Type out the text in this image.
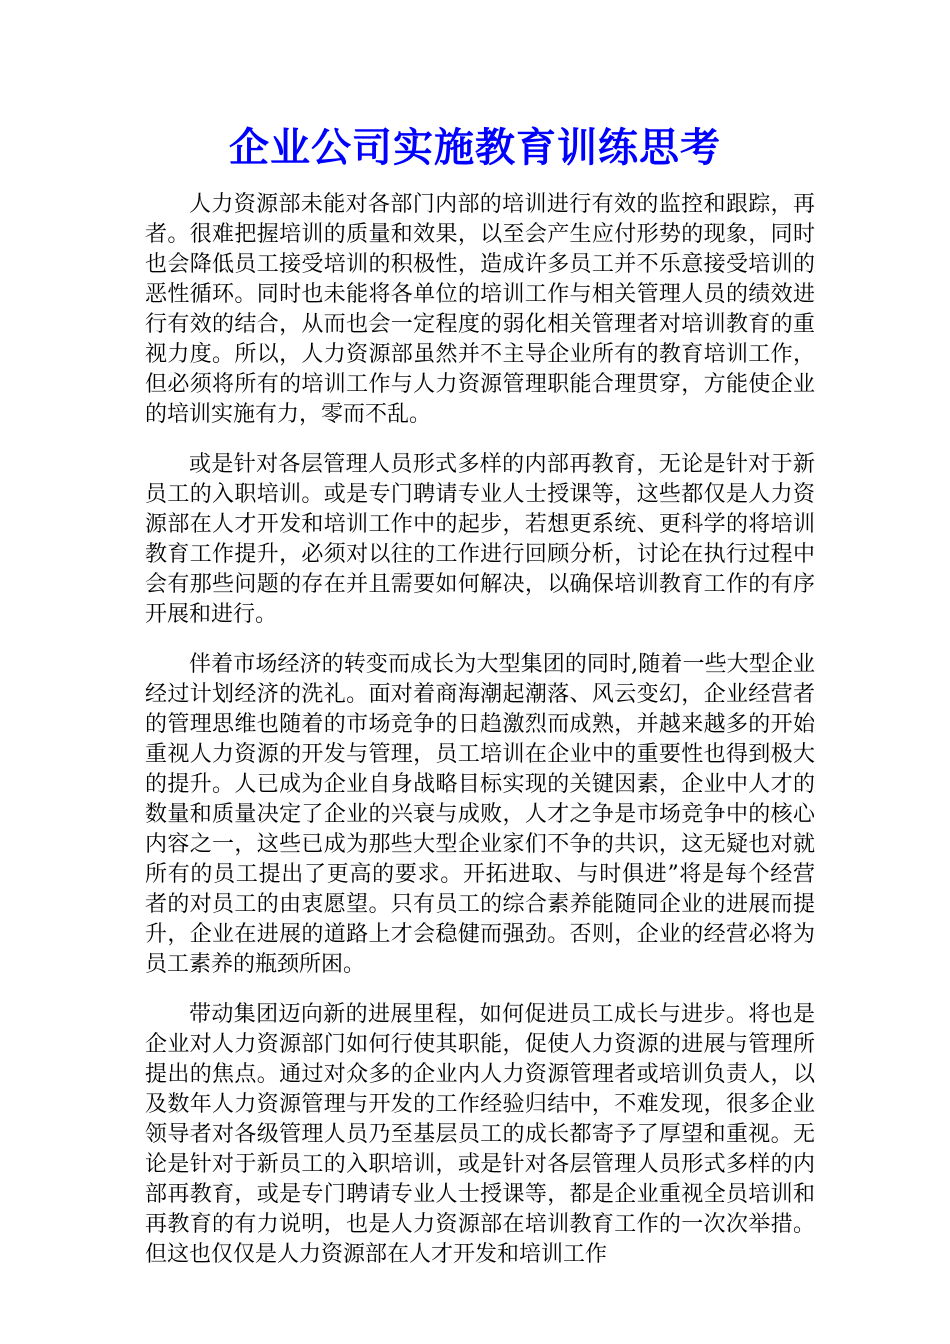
企业公司实施教育训练思考

人力资源部未能对各部门内部的培训进行有效的监控和跟踪，再者。很难把握培训的质量和效果，以至会产生应付形势的现象，同时也会降低员工接受培训的积极性，造成许多员工并不乐意接受培训的恶性循环。同时也未能将各单位的培训工作与相关管理人员的绩效进行有效的结合，从而也会一定程度的弱化相关管理者对培训教育的重视力度。所以，人力资源部虽然并不主导企业所有的教育培训工作，但必须将所有的培训工作与人力资源管理职能合理贯穿，方能使企业的培训实施有力，零而不乱。

或是针对各层管理人员形式多样的内部再教育，无论是针对于新员工的入职培训。或是专门聘请专业人士授课等，这些都仅是人力资源部在人才开发和培训工作中的起步，若想更系统、更科学的将培训教育工作提升，必须对以往的工作进行回顾分析，讨论在执行过程中会有那些问题的存在并且需要如何解决，以确保培训教育工作的有序开展和进行。

伴着市场经济的转变而成长为大型集团的同时,随着一些大型企业经过计划经济的洗礼。面对着商海潮起潮落、风云变幻，企业经营者的管理思维也随着的市场竞争的日趋激烈而成熟，并越来越多的开始重视人力资源的开发与管理，员工培训在企业中的重要性也得到极大的提升。人已成为企业自身战略目标实现的关键因素，企业中人才的数量和质量决定了企业的兴衰与成败，人才之争是市场竞争中的核心内容之一，这些已成为那些大型企业家们不争的共识，这无疑也对就所有的员工提出了更高的要求。开拓进取、与时俱进”将是每个经营者的对员工的由衷愿望。只有员工的综合素养能随同企业的进展而提升，企业在进展的道路上才会稳健而强劲。否则，企业的经营必将为员工素养的瓶颈所困。

带动集团迈向新的进展里程，如何促进员工成长与进步。将也是企业对人力资源部门如何行使其职能，促使人力资源的进展与管理所提出的焦点。通过对众多的企业内人力资源管理者或培训负责人，以及数年人力资源管理与开发的工作经验归结中，不难发现，很多企业领导者对各级管理人员乃至基层员工的成长都寄予了厚望和重视。无论是针对于新员工的入职培训，或是针对各层管理人员形式多样的内部再教育，或是专门聘请专业人士授课等，都是企业重视全员培训和再教育的有力说明，也是人力资源部在培训教育工作的一次次举措。但这也仅仅是人力资源部在人才开发和培训工作
